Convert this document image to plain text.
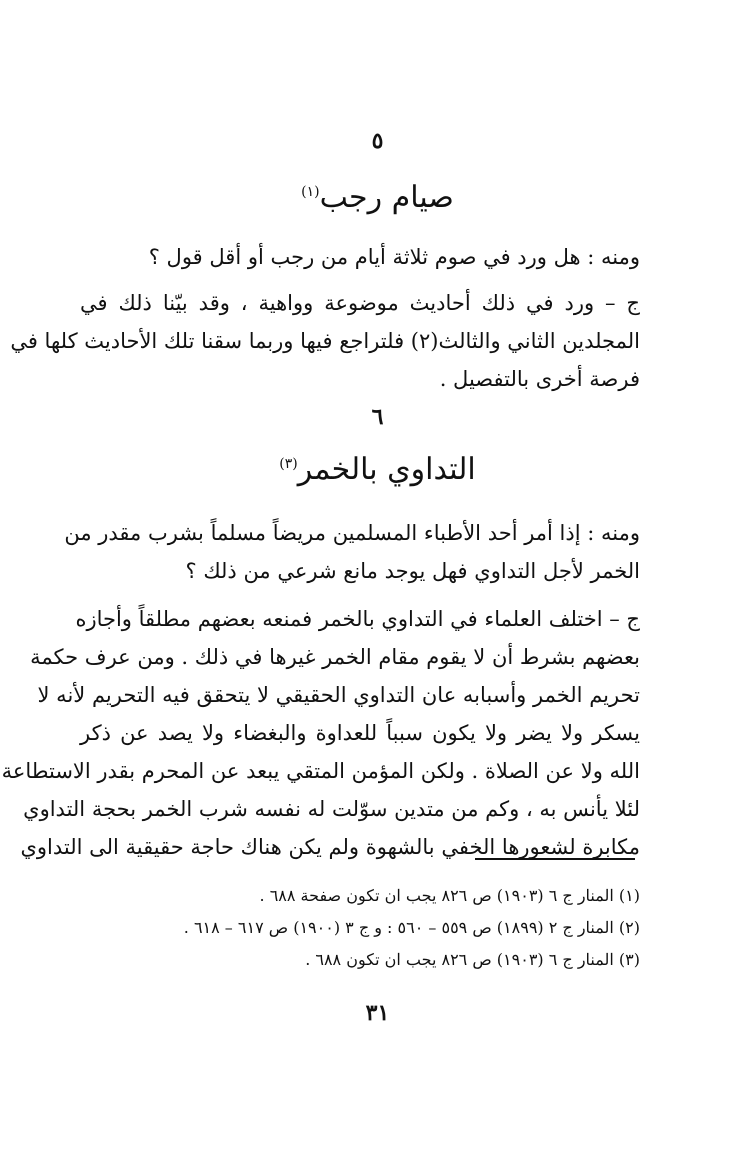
٥
صيام رجب$^{(١)}$
ومنه : هل ورد في صوم ثلاثة أيام من رجب أو أقل قول ؟
ج – ورد في ذلك أحاديث موضوعة وواهية ، وقد بيّنا ذلك في
المجلدين الثاني والثالث(٢) فلتراجع فيها وربما سقنا تلك الأحاديث كلها في
فرصة أخرى بالتفصيل .
٦
التداوي بالخمر$^{(٣)}$
ومنه : إذا أمر أحد الأطباء المسلمين مريضاً مسلماً بشرب مقدر من
الخمر لأجل التداوي فهل يوجد مانع شرعي من ذلك ؟
ج – اختلف العلماء في التداوي بالخمر فمنعه بعضهم مطلقاً وأجازه
بعضهم بشرط أن لا يقوم مقام الخمر غيرها في ذلك . ومن عرف حكمة
تحريم الخمر وأسبابه عان التداوي الحقيقي لا يتحقق فيه التحريم لأنه لا
يسكر ولا يضر ولا يكون سبباً للعداوة والبغضاء ولا يصد عن ذكر
الله ولا عن الصلاة . ولكن المؤمن المتقي يبعد عن المحرم بقدر الاستطاعة
لئلا يأنس به ، وكم من متدين سوّلت له نفسه شرب الخمر بحجة التداوي
مكابرة لشعورها الخفي بالشهوة ولم يكن هناك حاجة حقيقية الى التداوي
(١) المنار ج ٦ (١٩٠٣) ص ٨٢٦ يجب ان تكون صفحة ٦٨٨ .
(٢) المنار ج ٢ (١٨٩٩) ص ٥٥٩ – ٥٦٠ : و ج ٣ (١٩٠٠) ص ٦١٧ – ٦١٨ .
(٣) المنار ج ٦ (١٩٠٣) ص ٨٢٦ يجب ان تكون ٦٨٨ .
٣١
